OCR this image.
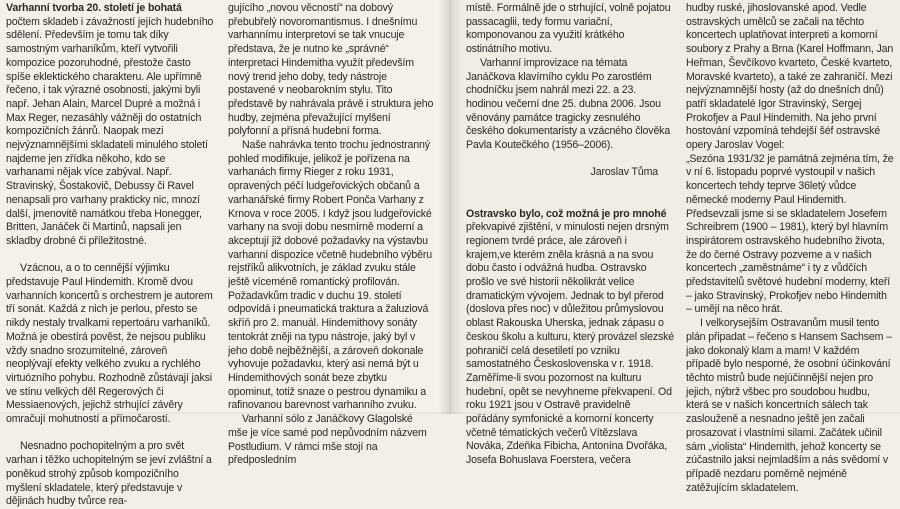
Varhanní tvorba 20. století je bohatá počtem skladeb i závažností jejích hudebního sdělení. Především je tomu tak díky samostným varhaníkům, kteří vytvořili kompozice pozoruhodné, přestože často spíše eklektického charakteru. Ale upřímně řečeno, i tak výrazné osobnosti, jakými byli např. Jehan Alain, Marcel Dupré a možná i Max Reger, nezasáhly vážněji do ostatních kompozičních žánrů. Naopak mezi nejvýznamnějšími skladateli minulého století najdeme jen zřídka někoho, kdo se varhanami nějak více zabýval. Např. Stravinský, Šostakovič, Debussy či Ravel nenapsali pro varhany prakticky nic, mnozí další, jmenovitě namátkou třeba Honegger, Britten, Janáček či Martinů, napsali jen skladby drobné či příležitostné.

Vzácnou, a o to cennější výjimku představuje Paul Hindemith. Kromě dvou varhanních koncertů s orchestrem je autorem tří sonát. Každá z nich je perlou, přesto se nikdy nestaly trvalkami repertoáru varhaníků. Možná je obestírá pověst, že nejsou publiku vždy snadno srozumitelné, zároveň neoplývají efekty velkého zvuku a rychlého virtuózního pohybu. Rozhodně zůstávají jaksi ve stínu velkých děl Regerových či Messiaenových, jejichž strhující závěry omračují mohutností a přímočarostí.

Nesnadno pochopitelným a pro svět varhan i těžko uchopitelným se jeví zvláštní a poněkud strohý způsob kompozičního myšlení skladatele, který představuje v dějinách hudby tvůrce rea-

gujícího „novou věcností“ na dobový přebubřelý novoromantismus. I dnešnímu varhannímu interpretovi se tak vnucuje představa, že je nutno ke „správné“ interpretaci Hindemitha využít především nový trend jeho doby, tedy nástroje postavené v neobarokním stylu. Tito představě by nahrávala právě i struktura jeho hudby, zejména převažující mylšení polyfonní a přísná hudební forma.

Naše nahrávka tento trochu jednostranný pohled modifikuje, jelikož je pořízena na varhanách firmy Rieger z roku 1931, opravených péčí ludgeřovických občanů a varhanářské firmy Robert Ponča Varhany z Krnova v roce 2005. I když jsou ludgeřovické varhany na svoji dobu nesmírně moderní a akceptují již dobové požadavky na výstavbu varhanní dispozice včetně hudebního výběru rejstříků alikvotních, je základ zvuku stále ještě víceméně romantický profilován. Požadavkům tradic v duchu 19. století odpovídá i pneumatická traktura a žaluziová skříň pro 2. manuál. Hindemithovy sonáty tentokrát zněji na typu nástroje, jaký byl v jeho době nejběžnější, a zároveň dokonale vyhovuje požadavku, který asi nemá být u Hindemithových sonát beze zbytku opominut, totiž snaze o pestrou dynamiku a rafinovanou barevnost varhanního zvuku.

Varhanní sólo z Janáčkovy Glagolské mše je více samé pod nepůvodním názvem Postludium. V rámci mše stojí na předposledním

místě. Formálně jde o strhující, volně pojatou passacaglii, tedy formu variační, komponovanou za využití krátkého ostinátního motivu.

Varhanní improvizace na témata Janáčkova klavírního cyklu Po zarostlém chodníčku jsem nahrál mezi 22. a 23. hodinou večerní dne 25. dubna 2006. Jsou věnovány památce tragicky zesnulého českého dokumentaristy a vzácného člověka Pavla Koutečkého (1956–2006).

Jaroslav Tůma

Ostravsko bylo, což možná je pro mnohé překvapivé zjištění, v minulosti nejen drsným regionem tvrdé práce, ale zároveň i krajem,ve kterém zněla krásná a na svou dobu často i odvážná hudba. Ostravsko prošlo ve své historii několikrát velice dramatickým vývojem. Jednak to byl přerod (doslova přes noc) v důležitou průmyslovou oblast Rakouska Uherska, jednak zápasu o českou školu a kulturu, který provázel slezské pohraničí celá desetiletí po vzniku samostatného Československa v r. 1918. Zaměříme-li svou pozornost na kulturu hudební, opět se nevyhneme překvapení. Od roku 1921 jsou v Ostravě pravidelně pořádány symfonické a komorní koncerty včetně tématických večerů Vítězslava Nováka, Zdeňka Fibicha, Antonína Dvořáka, Josefa Bohuslava Foerstera, večera

hudby ruské, jihoslovanské apod. Vedle ostravských umělců se začali na těchto koncertech uplatňovat interpreti a komorní soubory z Prahy a Brna (Karel Hoffmann, Jan Heřman, Ševčíkovo kvarteto, České kvarteto, Moravské kvarteto), a také ze zahraničí. Mezi nejvýznamnější hosty (až do dnešních dnů) patří skladatelé Igor Stravinský, Sergej Prokofjev a Paul Hindemith. Na jeho první hostování vzpomíná tehdejší šéf ostravské opery Jaroslav Vogel:

„Sezóna 1931/32 je památná zejména tím, že v ní 6. listopadu poprvé vystoupil v našich koncertech tehdy teprve 36letý vůdce německé moderny Paul Hindemith. Předsevzali jsme si se skladatelem Josefem Schreibrem (1900 – 1981), který byl hlavním inspirátorem ostravského hudebního života, že do černé Ostravy pozveme a v našich koncertech „zaměstnáme“ i ty z vůdčích představitelů světové hudební moderny, kteří – jako Stravinský, Prokofjev nebo Hindemith – umějí na něco hrát.

I velkorysejším Ostravanům musil tento plán připadat – řečeno s Hansem Sachsem – jako dokonalý klam a mam! V každém případě bylo nesporné, že osobní účinkování těchto mistrů bude nejúčinnější nejen pro jejich, nýbrž všbec pro soudobou hudbu, která se v našich koncertních sálech tak zaslouženě a nesnadno ještě jen začali prosazovat i vlastními silami. Začátek učinil sám „violista“ Hindemith, jehož koncerty se zúčastnilo jaksi nejmladším a nás svědomí v případě nezdaru poměrně nejméně zatěžujícím skladatelem.
